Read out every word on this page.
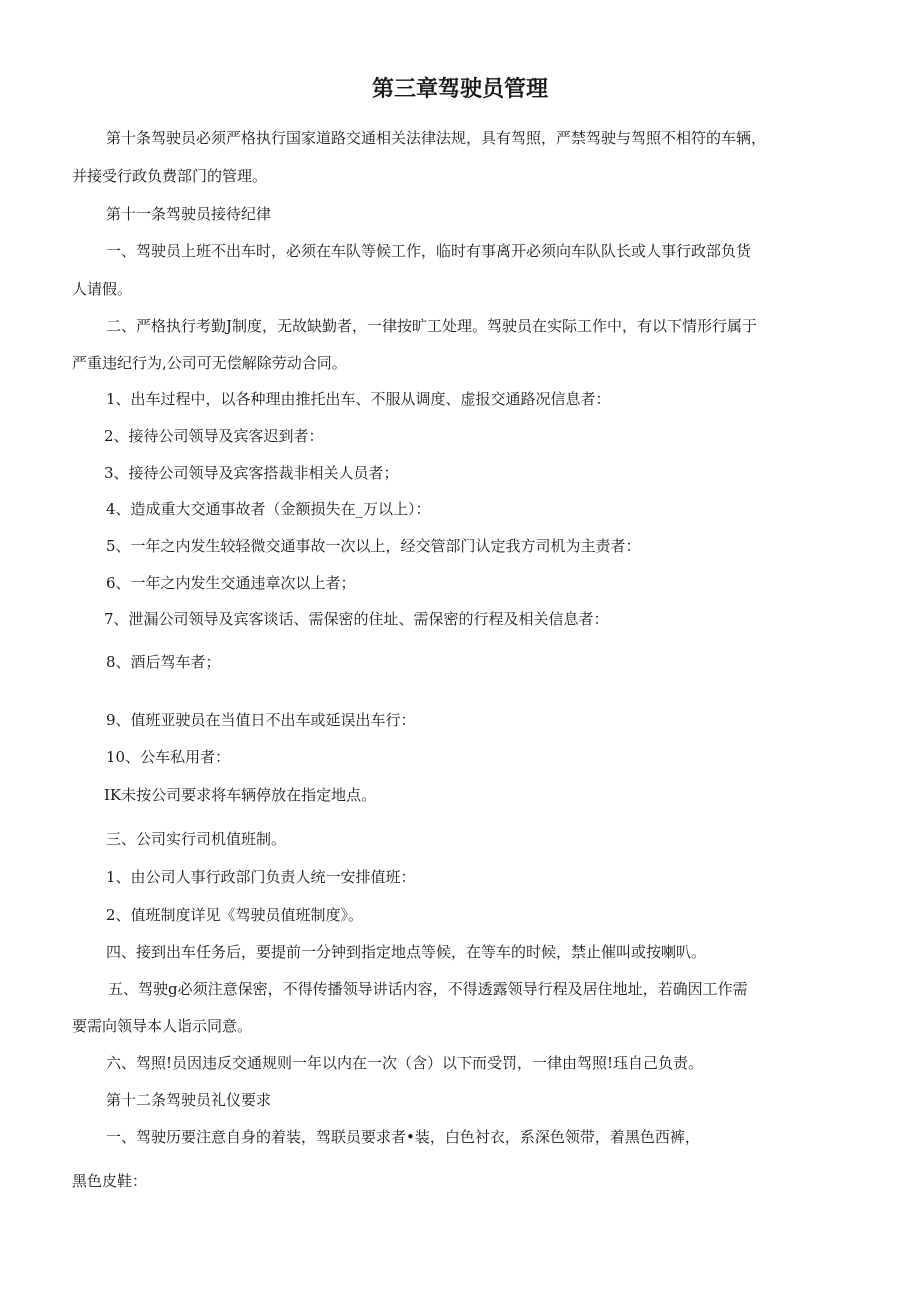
第三章驾驶员管理

第十条驾驶员必须严格执行国家道路交通相关法律法规，具有驾照，严禁驾驶与驾照不相符的车辆，

并接受行政负费部门的管理。

第十一条驾驶员接待纪律

一、驾驶员上班不出车时，必须在车队等候工作，临时有事离开必须向车队队长或人事行政部负货

人请假。

二、严格执行考勤J制度，无故缺勤者，一律按旷工处理。驾驶员在实际工作中，有以下情形行属于

严重违纪行为,公司可无偿解除劳动合同。

1、出车过程中，以各种理由推托出车、不服从调度、虚报交通路况信息者：

2、接待公司领导及宾客迟到者：

3、接待公司领导及宾客搭裁非相关人员者；

4、造成重大交通事故者（金额损失在_万以上）：

5、一年之内发生较轻微交通事故一次以上，经交管部门认定我方司机为主责者：

6、一年之内发生交通违章次以上者；

7、泄漏公司领导及宾客谈话、需保密的住址、需保密的行程及相关信息者：

8、酒后驾车者；

9、值班亚驶员在当值日不出车或延误出车行：

10、公车私用者：

IK未按公司要求将车辆停放在指定地点。

三、公司实行司机值班制。

1、由公司人事行政部门负责人统一安排值班：

2、值班制度详见《驾驶员值班制度》。

四、接到出车任务后，要提前一分钟到指定地点等候，在等车的时候，禁止催叫或按喇叭。

五、驾驶g必须注意保密，不得传播领导讲话内容，不得透露领导行程及居住地址，若确因工作需

要需向领导本人诣示同意。

六、驾照!员因违反交通规则一年以内在一次（含）以下而受罚，一律由驾照!珏自己负责。

第十二条驾驶员礼仪要求

一、驾驶历要注意自身的着装，驾联员要求者•装，白色衬衣，系深色领带，着黑色西裤，

黑色皮鞋：
